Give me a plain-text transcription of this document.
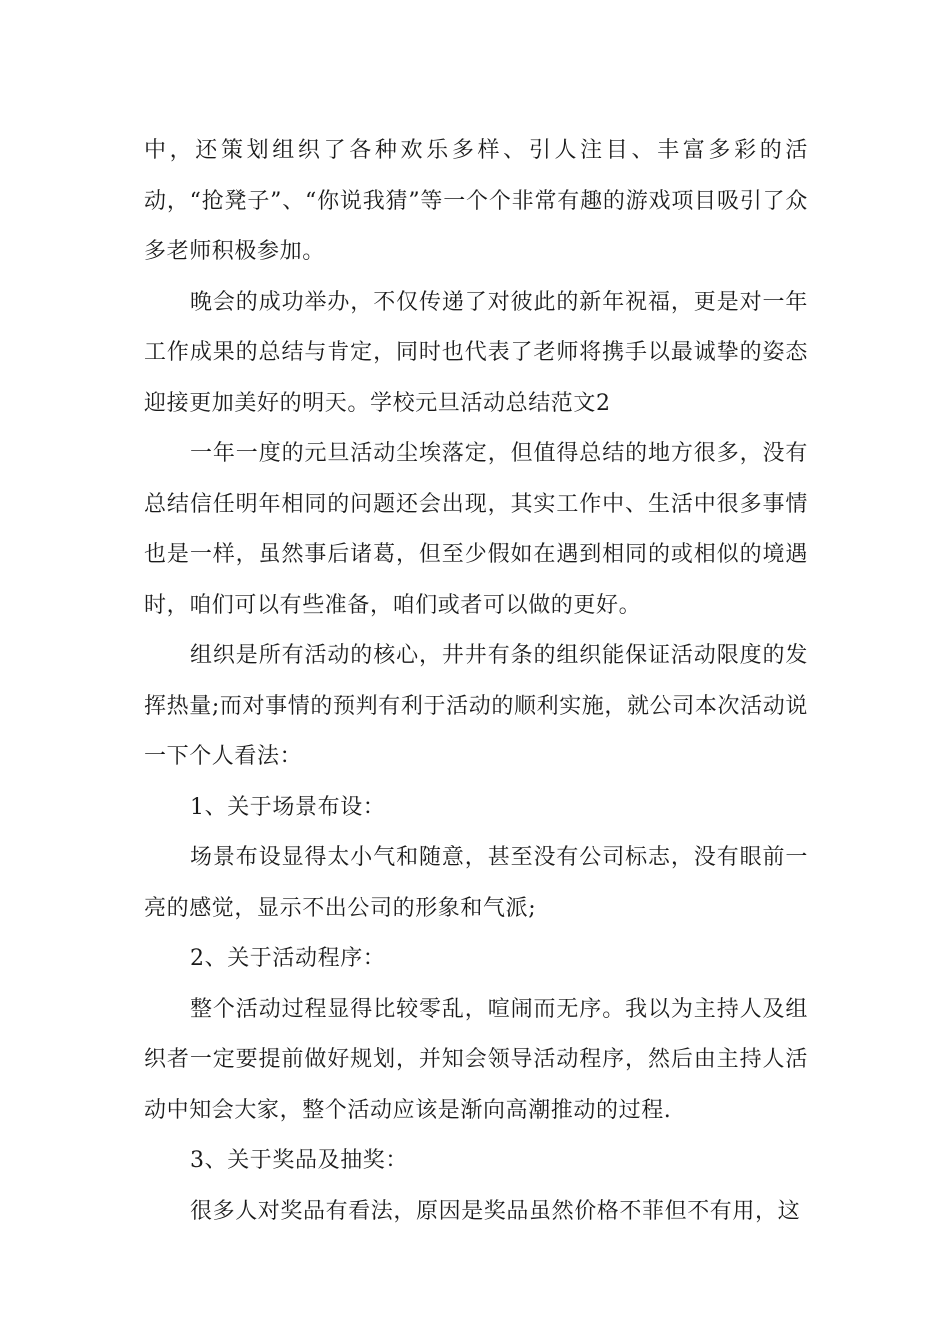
中，还策划组织了各种欢乐多样、引人注目、丰富多彩的活动，“抢凳子”、“你说我猜”等一个个非常有趣的游戏项目吸引了众多老师积极参加。

晚会的成功举办，不仅传递了对彼此的新年祝福，更是对一年工作成果的总结与肯定，同时也代表了老师将携手以最诚挚的姿态迎接更加美好的明天。学校元旦活动总结范文2

一年一度的元旦活动尘埃落定，但值得总结的地方很多，没有总结信任明年相同的问题还会出现，其实工作中、生活中很多事情也是一样，虽然事后诸葛，但至少假如在遇到相同的或相似的境遇时，咱们可以有些准备，咱们或者可以做的更好。

组织是所有活动的核心，井井有条的组织能保证活动限度的发挥热量;而对事情的预判有利于活动的顺利实施，就公司本次活动说一下个人看法：

1、关于场景布设：

场景布设显得太小气和随意，甚至没有公司标志，没有眼前一亮的感觉，显示不出公司的形象和气派;

2、关于活动程序：

整个活动过程显得比较零乱，喧闹而无序。我以为主持人及组织者一定要提前做好规划，并知会领导活动程序，然后由主持人活动中知会大家，整个活动应该是渐向高潮推动的过程.

3、关于奖品及抽奖：

很多人对奖品有看法，原因是奖品虽然价格不菲但不有用，这
